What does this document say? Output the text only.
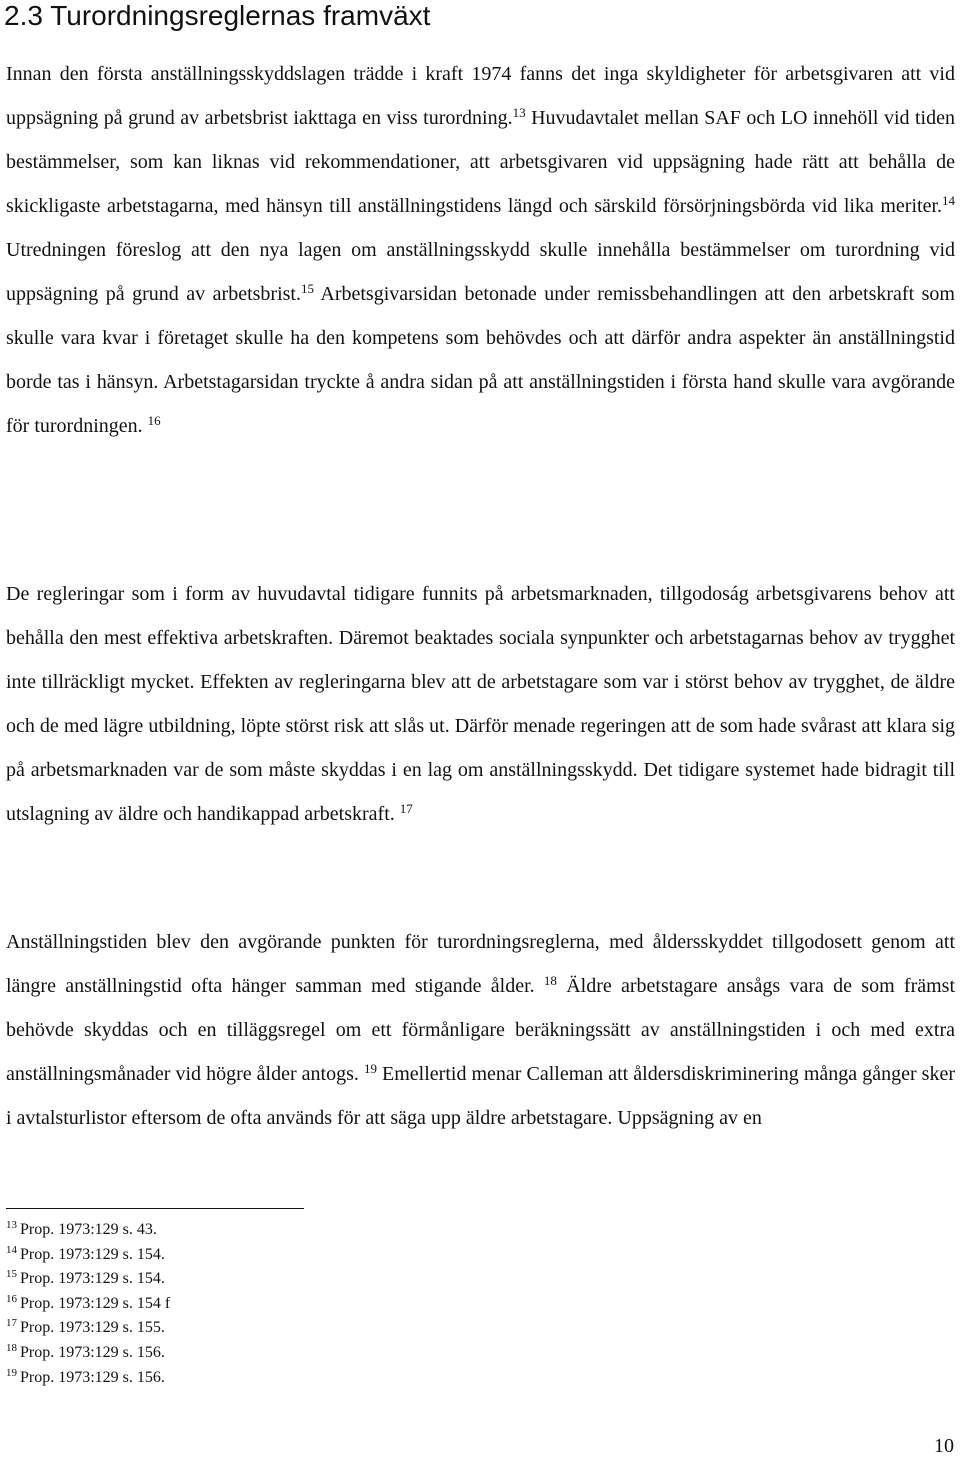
2.3 Turordningsreglernas framväxt

Innan den första anställningsskyddslagen trädde i kraft 1974 fanns det inga skyldigheter för arbetsgivaren att vid uppsägning på grund av arbetsbrist iakttaga en viss turordning.$^{13}$ Huvudavtalet mellan SAF och LO innehöll vid tiden bestämmelser, som kan liknas vid rekommendationer, att arbetsgivaren vid uppsägning hade rätt att behålla de skickligaste arbetstagarna, med hänsyn till anställningstidens längd och särskild försörjningsbörda vid lika meriter.$^{14}$ Utredningen föreslog att den nya lagen om anställningsskydd skulle innehålla bestämmelser om turordning vid uppsägning på grund av arbetsbrist.$^{15}$ Arbetsgivarsidan betonade under remissbehandlingen att den arbetskraft som skulle vara kvar i företaget skulle ha den kompetens som behövdes och att därför andra aspekter än anställningstid borde tas i hänsyn. Arbetstagarsidan tryckte å andra sidan på att anställningstiden i första hand skulle vara avgörande för turordningen. $^{16}$

De regleringar som i form av huvudavtal tidigare funnits på arbetsmarknaden, tillgodoság arbetsgivarens behov att behålla den mest effektiva arbetskraften. Däremot beaktades sociala synpunkter och arbetstagarnas behov av trygghet inte tillräckligt mycket. Effekten av regleringarna blev att de arbetstagare som var i störst behov av trygghet, de äldre och de med lägre utbildning, löpte störst risk att slås ut. Därför menade regeringen att de som hade svårast att klara sig på arbetsmarknaden var de som måste skyddas i en lag om anställningsskydd. Det tidigare systemet hade bidragit till utslagning av äldre och handikappad arbetskraft. $^{17}$

Anställningstiden blev den avgörande punkten för turordningsreglerna, med åldersskyddet tillgodosett genom att längre anställningstid ofta hänger samman med stigande ålder. $^{18}$ Äldre arbetstagare ansågs vara de som främst behövde skyddas och en tilläggsregel om ett förmånligare beräkningssätt av anställningstiden i och med extra anställningsmånader vid högre ålder antogs. $^{19}$ Emellertid menar Calleman att åldersdiskriminering många gånger sker i avtalsturlistor eftersom de ofta används för att säga upp äldre arbetstagare. Uppsägning av en

$^{13}$ Prop. 1973:129 s. 43.
$^{14}$ Prop. 1973:129 s. 154.
$^{15}$ Prop. 1973:129 s. 154.
$^{16}$ Prop. 1973:129 s. 154 f
$^{17}$ Prop. 1973:129 s. 155.
$^{18}$ Prop. 1973:129 s. 156.
$^{19}$ Prop. 1973:129 s. 156.
10
